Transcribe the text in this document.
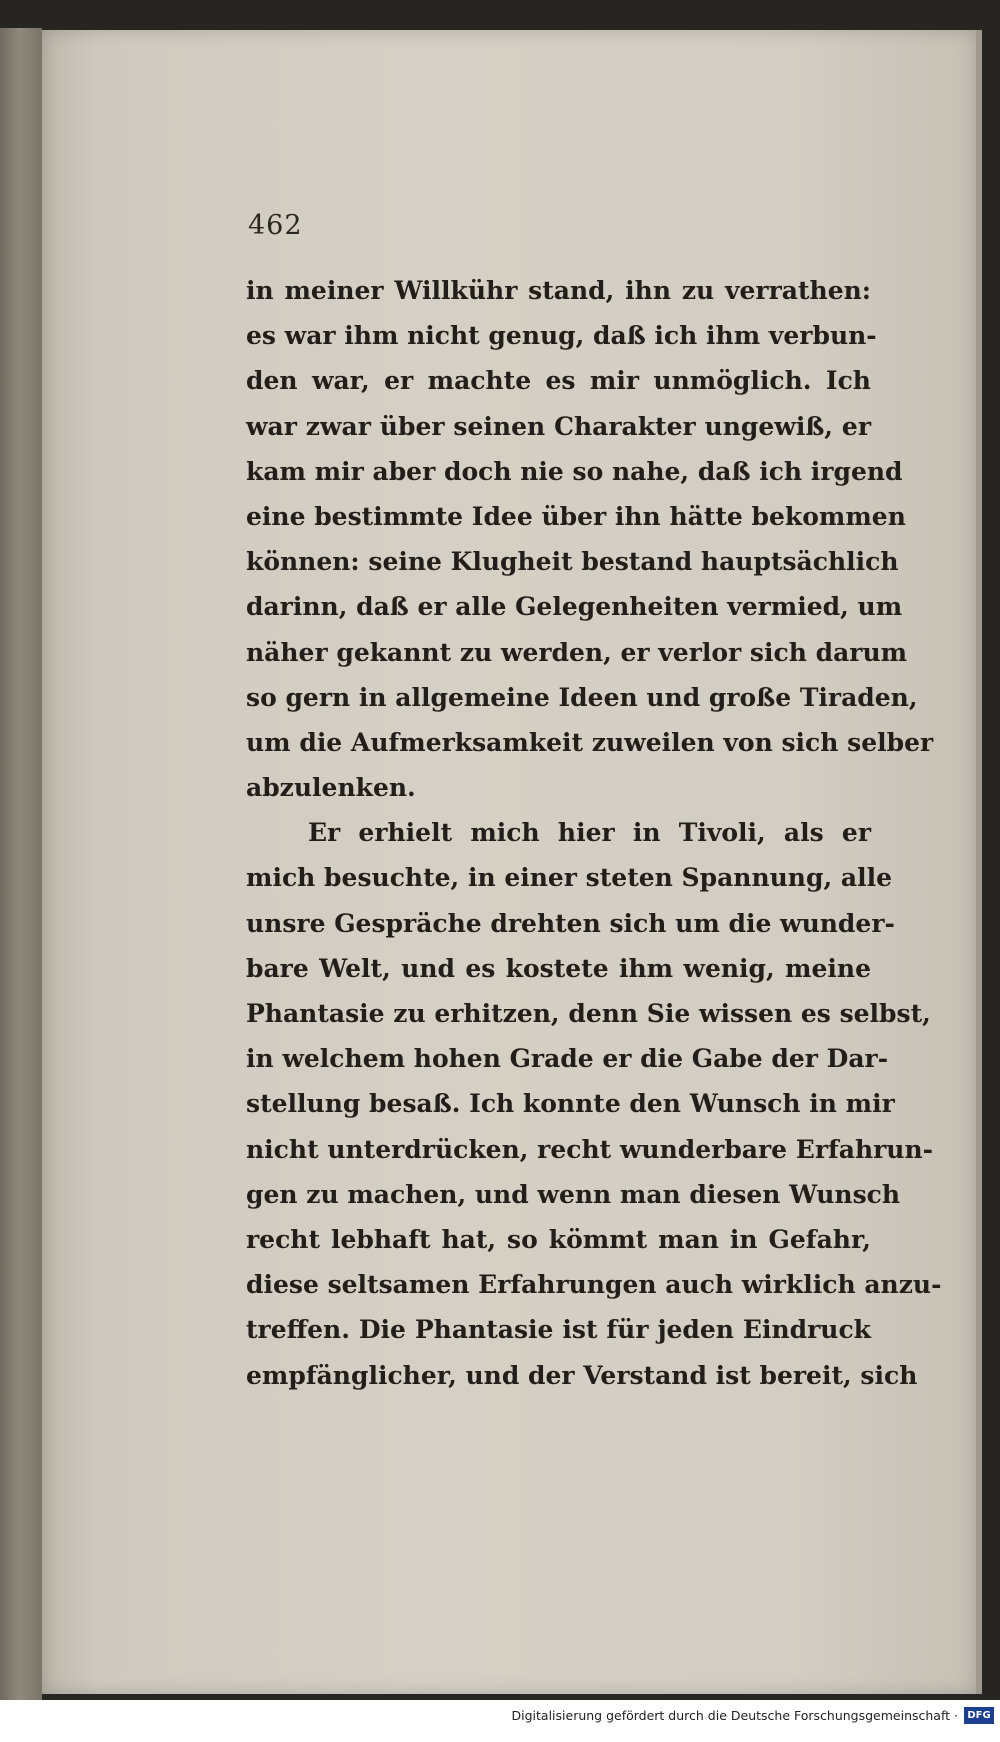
462
in meiner Willkühr stand, ihn zu verrathen:
es war ihm nicht genug, daß ich ihm verbun-
den war, er machte es mir unmöglich. Ich
war zwar über seinen Charakter ungewiß, er
kam mir aber doch nie so nahe, daß ich irgend
eine bestimmte Idee über ihn hätte bekommen
können: seine Klugheit bestand hauptsächlich
darinn, daß er alle Gelegenheiten vermied, um
näher gekannt zu werden, er verlor sich darum
so gern in allgemeine Ideen und große Tiraden,
um die Aufmerksamkeit zuweilen von sich selber
abzulenken.
Er erhielt mich hier in Tivoli, als er
mich besuchte, in einer steten Spannung, alle
unsre Gespräche drehten sich um die wunder-
bare Welt, und es kostete ihm wenig, meine
Phantasie zu erhitzen, denn Sie wissen es selbst,
in welchem hohen Grade er die Gabe der Dar-
stellung besaß. Ich konnte den Wunsch in mir
nicht unterdrücken, recht wunderbare Erfahrun-
gen zu machen, und wenn man diesen Wunsch
recht lebhaft hat, so kömmt man in Gefahr,
diese seltsamen Erfahrungen auch wirklich anzu-
treffen. Die Phantasie ist für jeden Eindruck
empfänglicher, und der Verstand ist bereit, sich
Digitalisierung gefördert durch die Deutsche Forschungsgemeinschaft · DFG
